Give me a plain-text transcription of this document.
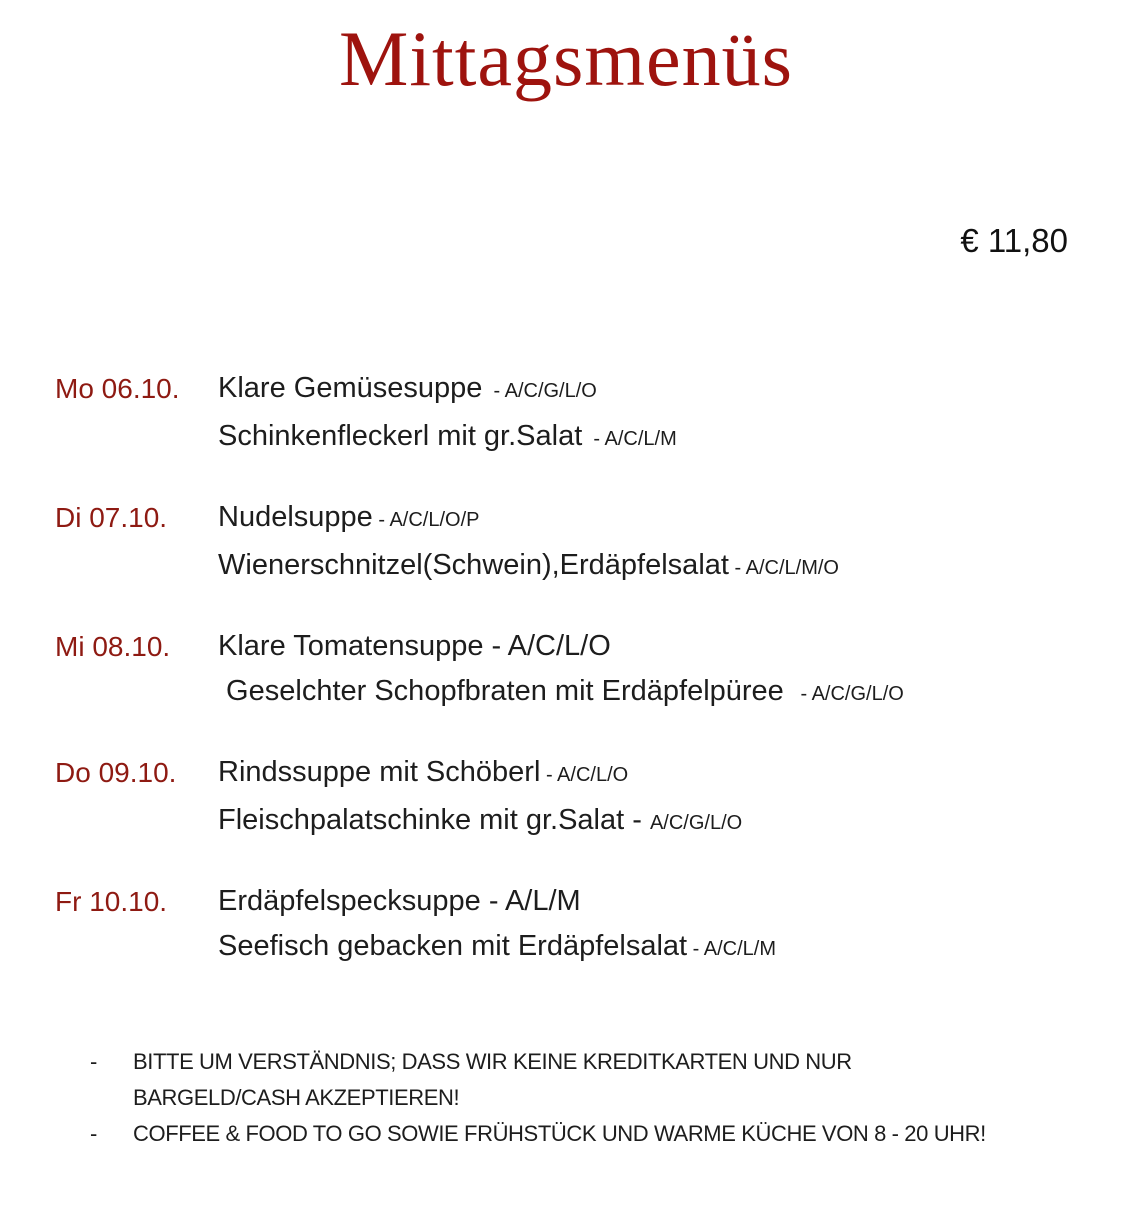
Mittagsmenüs
€ 11,80
Mo 06.10.	Klare Gemüsesuppe  - A/C/G/L/O
Schinkenfleckerl mit gr.Salat  - A/C/L/M
Di 07.10.	Nudelsuppe - A/C/L/O/P
Wienerschnitzel(Schwein),Erdäpfelsalat - A/C/L/M/O
Mi 08.10.	Klare Tomatensuppe - A/C/L/O
Geselchter Schopfbraten mit Erdäpfelpüree   - A/C/G/L/O
Do 09.10.	Rindssuppe mit Schöberl - A/C/L/O
Fleischpalatschinke mit gr.Salat - A/C/G/L/O
Fr 10.10.	Erdäpfelspecksuppe - A/L/M
Seefisch gebacken mit Erdäpfelsalat - A/C/L/M
-	BITTE UM VERSTÄNDNIS; DASS WIR KEINE KREDITKARTEN UND NUR
BARGELD/CASH AKZEPTIEREN!
-	COFFEE & FOOD TO GO SOWIE FRÜHSTÜCK UND WARME KÜCHE VON 8 - 20 UHR!
